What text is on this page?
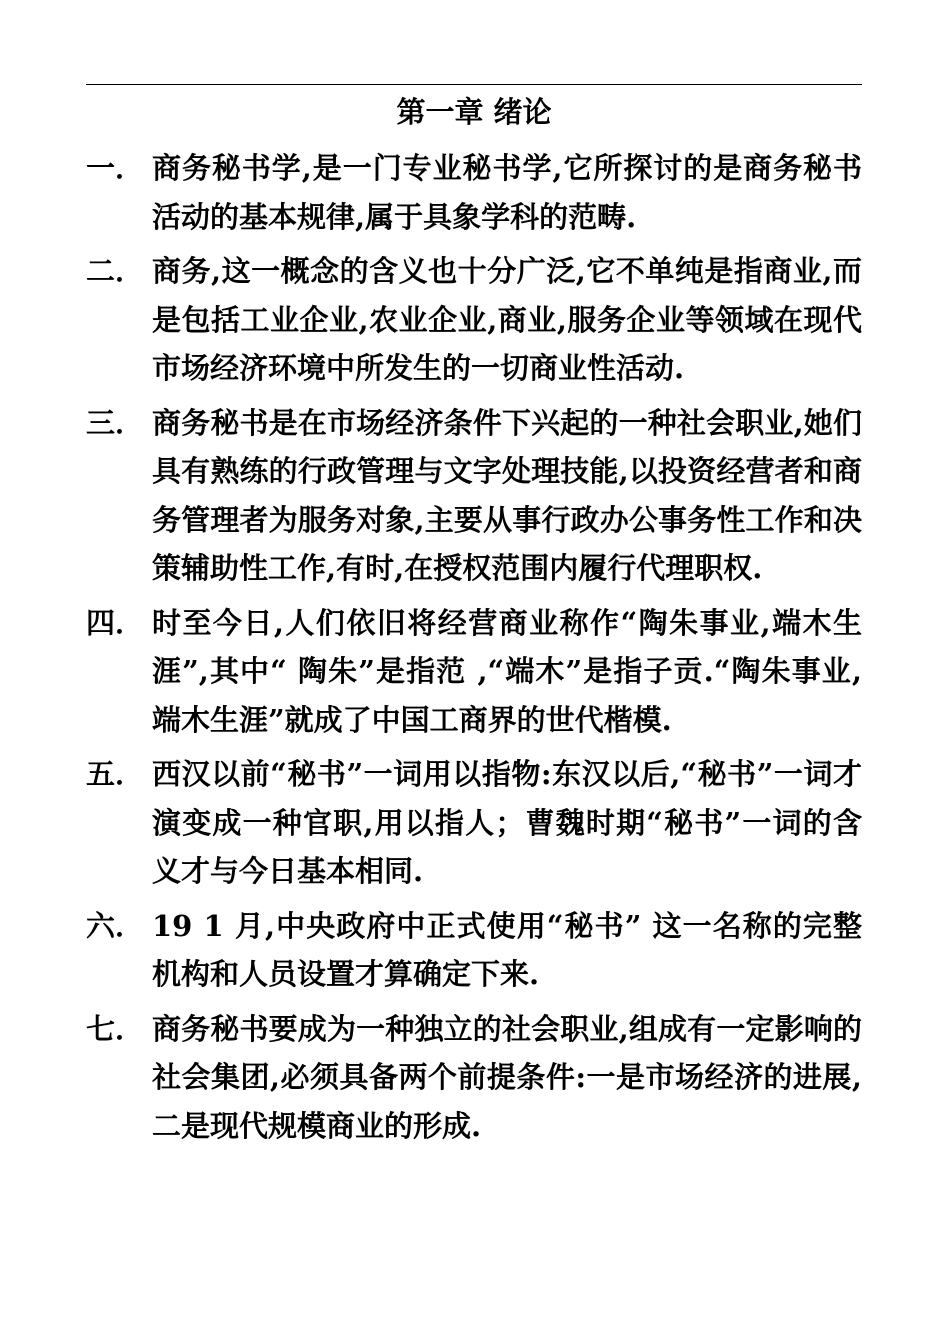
第一章 绪论
一． 商务秘书学,是一门专业秘书学,它所探讨的是商务秘书活动的基本规律,属于具象学科的范畴.
二． 商务,这一概念的含义也十分广泛,它不单纯是指商业,而是包括工业企业,农业企业,商业,服务企业等领域在现代市场经济环境中所发生的一切商业性活动.
三． 商务秘书是在市场经济条件下兴起的一种社会职业,她们具有熟练的行政管理与文字处理技能,以投资经营者和商务管理者为服务对象,主要从事行政办公事务性工作和决策辅助性工作,有时,在授权范围内履行代理职权.
四． 时至今日,人们依旧将经营商业称作“陶朱事业,端木生涯”,其中“ 陶朱”是指范 ,“端木”是指子贡.“陶朱事业,端木生涯”就成了中国工商界的世代楷模.
五． 西汉以前“秘书”一词用以指物:东汉以后,“秘书”一词才演变成一种官职,用以指人；曹魏时期“秘书”一词的含义才与今日基本相同.
六． 19 1 月,中央政府中正式使用“秘书” 这一名称的完整机构和人员设置才算确定下来.
七． 商务秘书要成为一种独立的社会职业,组成有一定影响的社会集团,必须具备两个前提条件:一是市场经济的进展,二是现代规模商业的形成.
